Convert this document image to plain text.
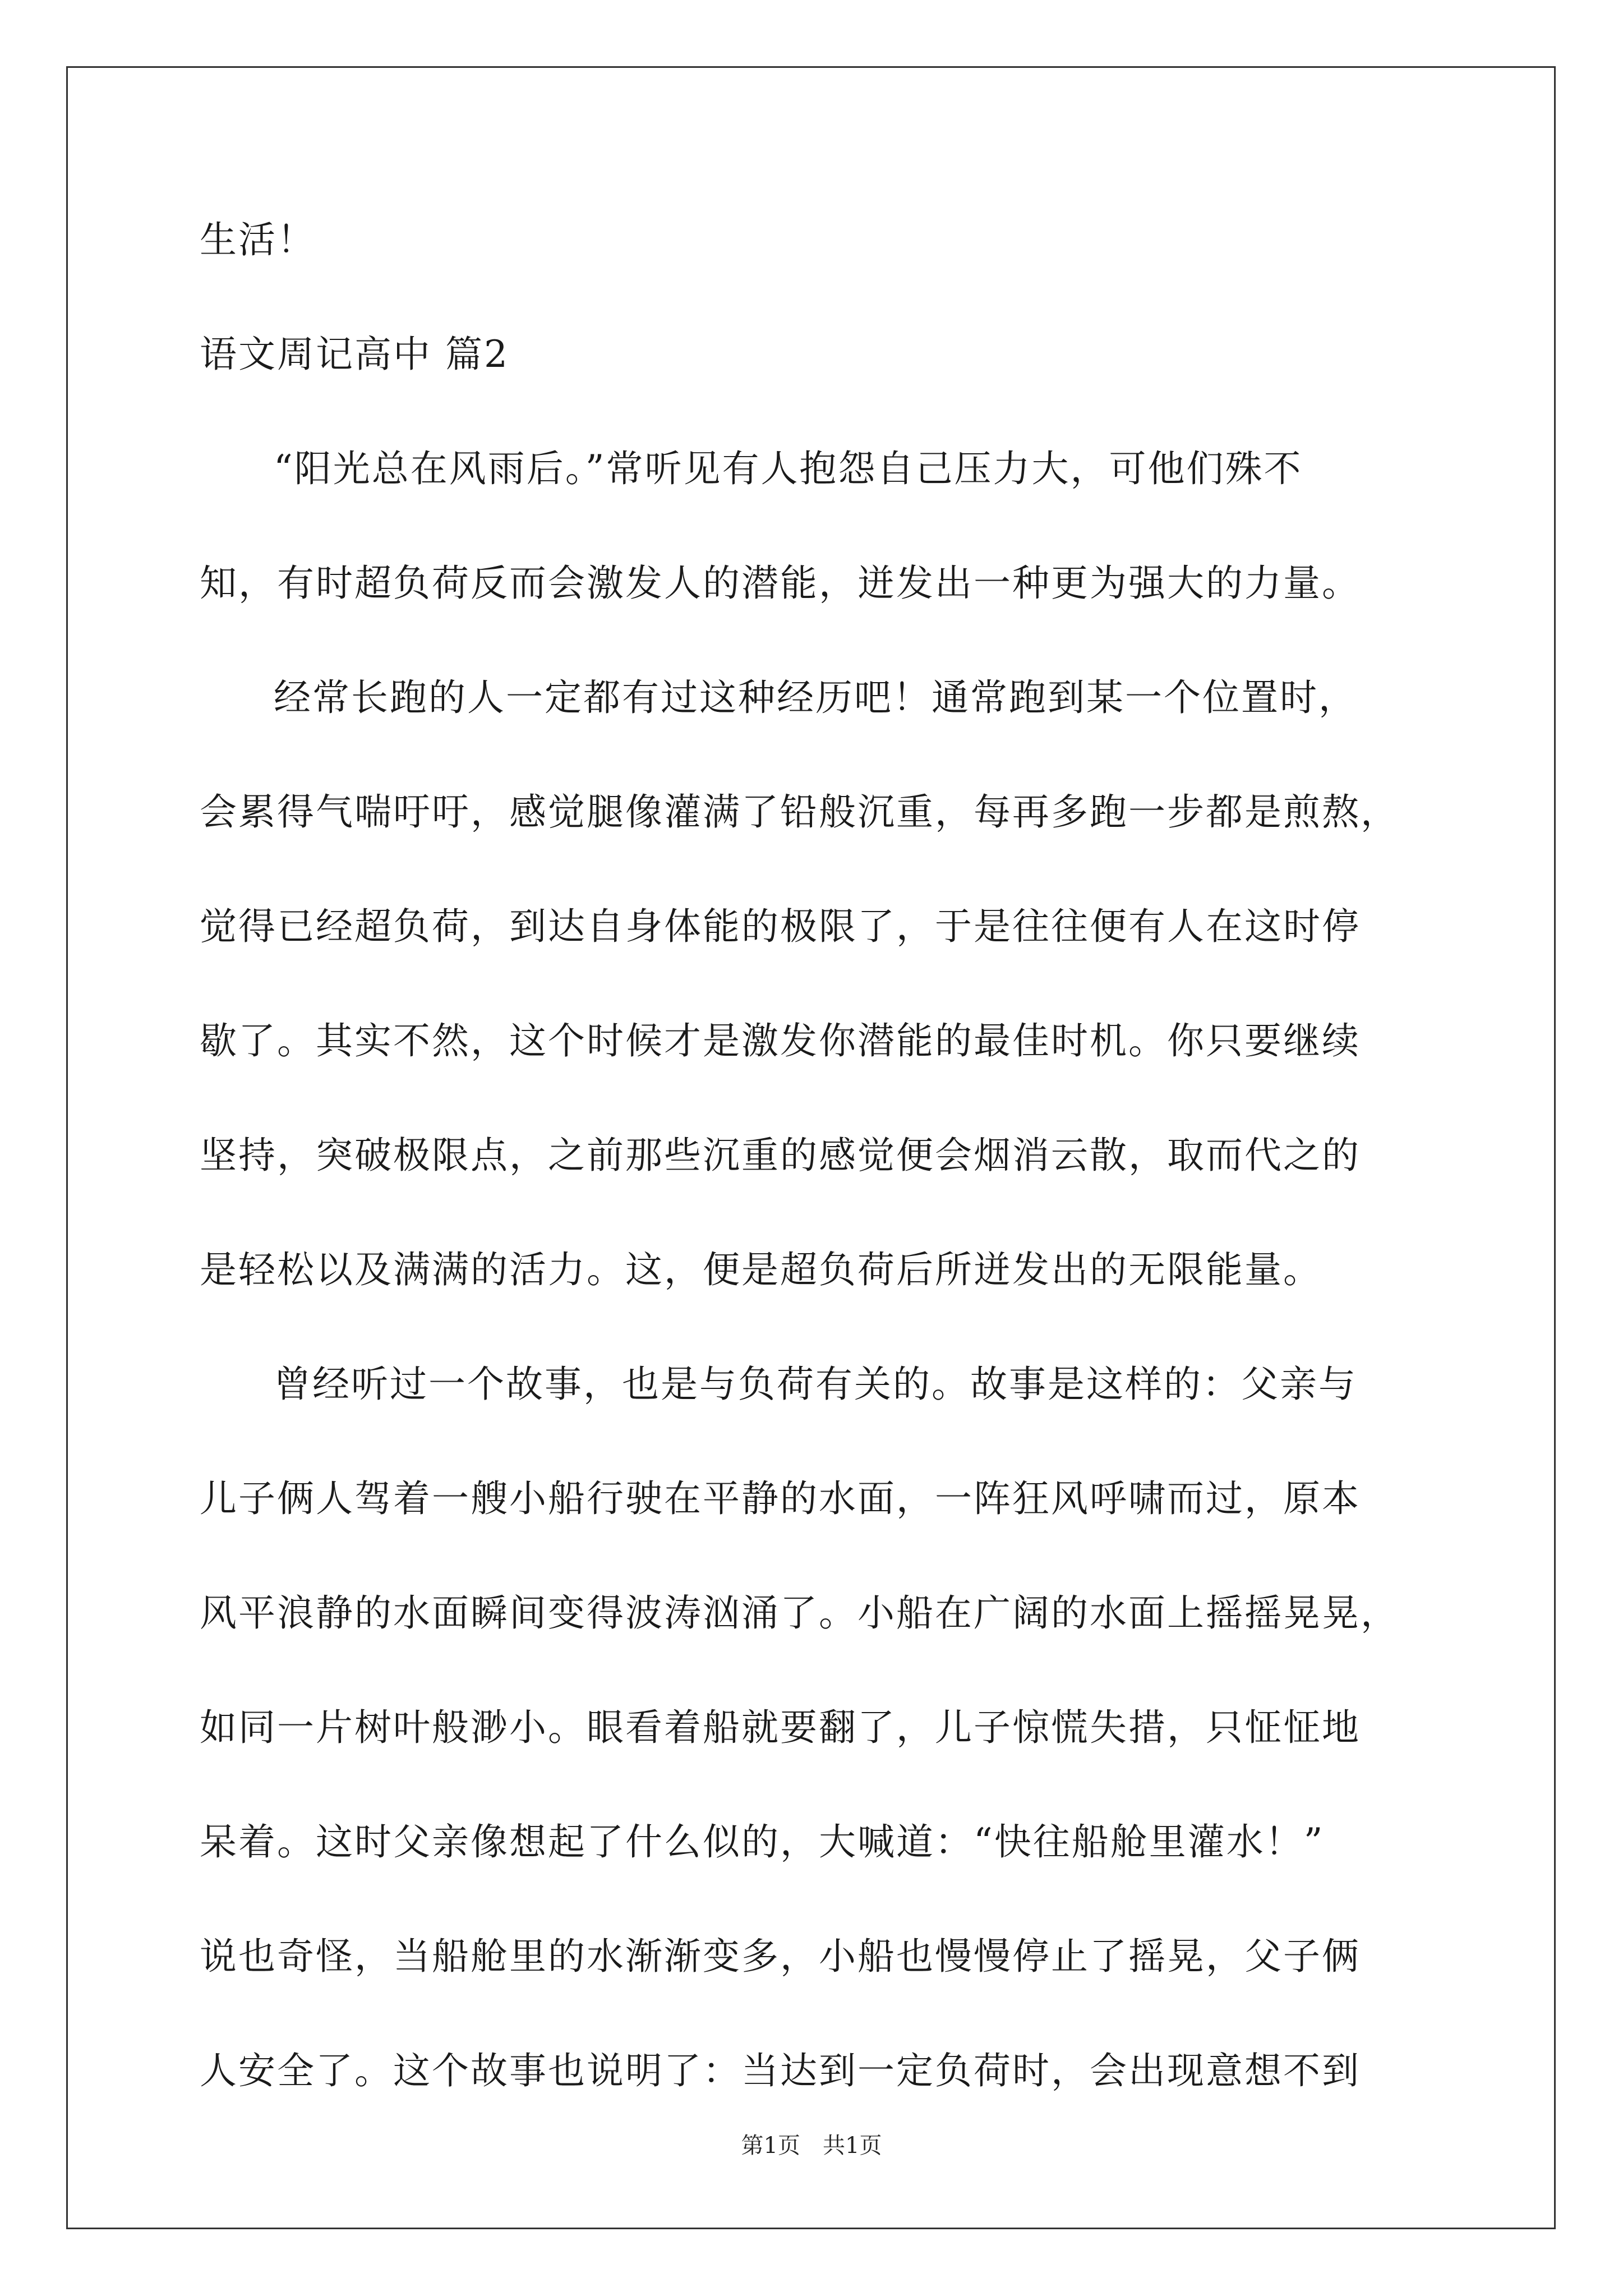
生活！
语文周记高中 篇2
“阳光总在风雨后。”常听见有人抱怨自己压力大，可他们殊不
知，有时超负荷反而会激发人的潜能，迸发出一种更为强大的力量。
经常长跑的人一定都有过这种经历吧！通常跑到某一个位置时，
会累得气喘吁吁，感觉腿像灌满了铅般沉重，每再多跑一步都是煎熬，
觉得已经超负荷，到达自身体能的极限了，于是往往便有人在这时停
歇了。其实不然，这个时候才是激发你潜能的最佳时机。你只要继续
坚持，突破极限点，之前那些沉重的感觉便会烟消云散，取而代之的
是轻松以及满满的活力。这，便是超负荷后所迸发出的无限能量。
曾经听过一个故事，也是与负荷有关的。故事是这样的：父亲与
儿子俩人驾着一艘小船行驶在平静的水面，一阵狂风呼啸而过，原本
风平浪静的水面瞬间变得波涛汹涌了。小船在广阔的水面上摇摇晃晃，
如同一片树叶般渺小。眼看着船就要翻了，儿子惊慌失措，只怔怔地
呆着。这时父亲像想起了什么似的，大喊道：“快往船舱里灌水！”
说也奇怪，当船舱里的水渐渐变多，小船也慢慢停止了摇晃，父子俩
人安全了。这个故事也说明了：当达到一定负荷时，会出现意想不到
第1页　共1页
